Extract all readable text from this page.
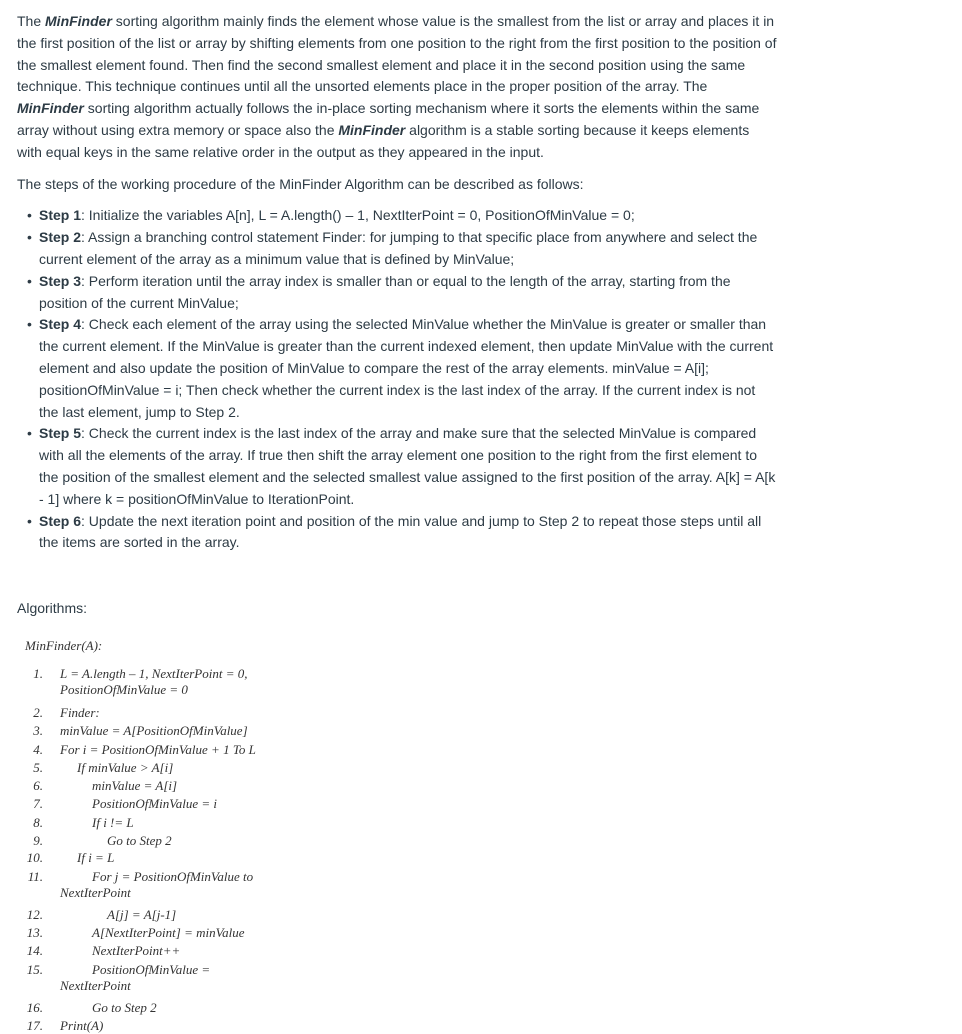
The MinFinder sorting algorithm mainly finds the element whose value is the smallest from the list or array and places it in the first position of the list or array by shifting elements from one position to the right from the first position to the position of the smallest element found. Then find the second smallest element and place it in the second position using the same technique. This technique continues until all the unsorted elements place in the proper position of the array. The MinFinder sorting algorithm actually follows the in-place sorting mechanism where it sorts the elements within the same array without using extra memory or space also the MinFinder algorithm is a stable sorting because it keeps elements with equal keys in the same relative order in the output as they appeared in the input.

The steps of the working procedure of the MinFinder Algorithm can be described as follows:

• Step 1: Initialize the variables A[n], L = A.length() – 1, NextIterPoint = 0, PositionOfMinValue = 0;
• Step 2: Assign a branching control statement Finder: for jumping to that specific place from anywhere and select the current element of the array as a minimum value that is defined by MinValue;
• Step 3: Perform iteration until the array index is smaller than or equal to the length of the array, starting from the position of the current MinValue;
• Step 4: Check each element of the array using the selected MinValue whether the MinValue is greater or smaller than the current element. If the MinValue is greater than the current indexed element, then update MinValue with the current element and also update the position of MinValue to compare the rest of the array elements. minValue = A[i]; positionOfMinValue = i; Then check whether the current index is the last index of the array. If the current index is not the last element, jump to Step 2.
• Step 5: Check the current index is the last index of the array and make sure that the selected MinValue is compared with all the elements of the array. If true then shift the array element one position to the right from the first element to the position of the smallest element and the selected smallest value assigned to the first position of the array. A[k] = A[k - 1] where k = positionOfMinValue to IterationPoint.
• Step 6: Update the next iteration point and position of the min value and jump to Step 2 to repeat those steps until all the items are sorted in the array.

Algorithms:

MinFinder(A):
1. L = A.length – 1, NextIterPoint = 0,
PositionOfMinValue = 0
2. Finder:
3. minValue = A[PositionOfMinValue]
4. For i = PositionOfMinValue + 1 To L
5.	If minValue > A[i]
6.	minValue = A[i]
7.	PositionOfMinValue = i
8.	If i != L
9.	Go to Step 2
10.	If i = L
11.	For j = PositionOfMinValue to
NextIterPoint
12.	A[j] = A[j-1]
13.	A[NextIterPoint] = minValue
14.	NextIterPoint++
15.	PositionOfMinValue =
NextIterPoint
16.	Go to Step 2
17. Print(A)
